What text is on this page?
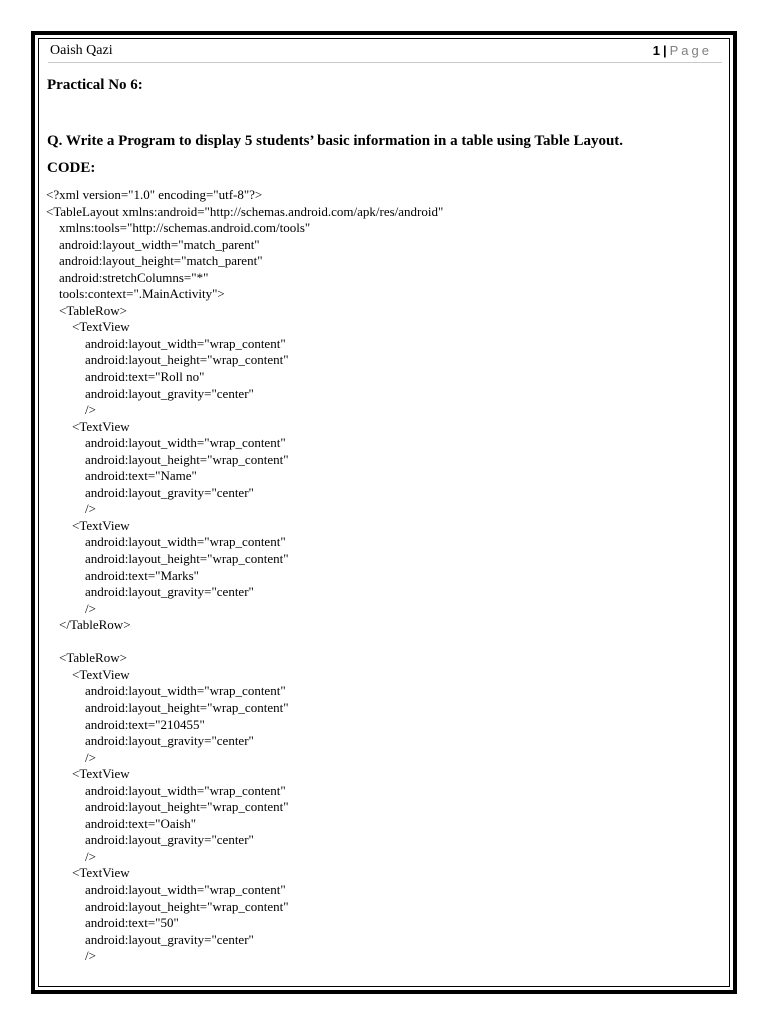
Oaish Qazi	1 | Page
Practical No 6:
Q. Write a Program to display 5 students’ basic information in a table using Table Layout.
CODE:
<?xml version="1.0" encoding="utf-8"?>
<TableLayout xmlns:android="http://schemas.android.com/apk/res/android"
xmlns:tools="http://schemas.android.com/tools"
android:layout_width="match_parent"
android:layout_height="match_parent"
android:stretchColumns="*"
tools:context=".MainActivity">
<TableRow>
<TextView
android:layout_width="wrap_content"
android:layout_height="wrap_content"
android:text="Roll no"
android:layout_gravity="center"
/>
<TextView
android:layout_width="wrap_content"
android:layout_height="wrap_content"
android:text="Name"
android:layout_gravity="center"
/>
<TextView
android:layout_width="wrap_content"
android:layout_height="wrap_content"
android:text="Marks"
android:layout_gravity="center"
/>
</TableRow>
<TableRow>
<TextView
android:layout_width="wrap_content"
android:layout_height="wrap_content"
android:text="210455"
android:layout_gravity="center"
/>
<TextView
android:layout_width="wrap_content"
android:layout_height="wrap_content"
android:text="Oaish"
android:layout_gravity="center"
/>
<TextView
android:layout_width="wrap_content"
android:layout_height="wrap_content"
android:text="50"
android:layout_gravity="center"
/>
